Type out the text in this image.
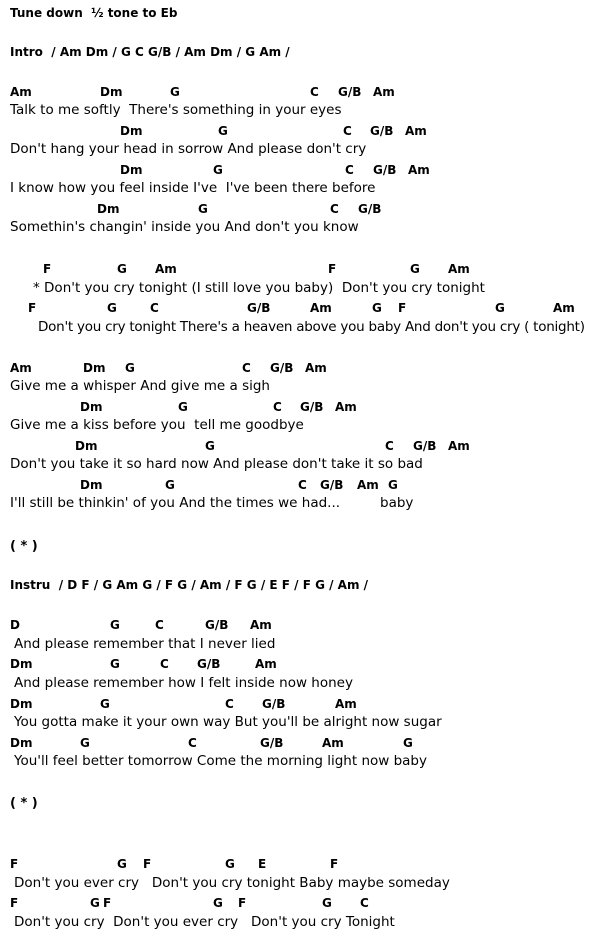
Tune down  ½ tone to Eb
Intro  / Am Dm / G C G/B / Am Dm / G Am /
Am	Dm	G	C G/B Am
Talk to me softly  There's something in your eyes
Dm	G	C G/B Am
Don't hang your head in sorrow And please don't cry
Dm	G	C G/B Am
I know how you feel inside I've  I've been there before
Dm	G	C G/B
Somethin's changin' inside you And don't you know
F	G Am	F	G Am
* Don't you cry tonight (I still love you baby)  Don't you cry tonight
F	G	C	G/B	Am	G F	G	Am
Don't you cry tonight There's a heaven above you baby And don't you cry ( tonight)
Am	Dm G	C G/B Am
Give me a whisper And give me a sigh
Dm	G	C G/B Am
Give me a kiss before you  tell me goodbye
Dm	G	C G/B Am
Don't you take it so hard now And please don't take it so bad
Dm	G	C G/B Am G
I'll still be thinkin' of you And the times we had...	baby
( * )
Instru  / D F / G Am G / F G / Am / F G / E F / F G / Am /
D	G	C	G/B Am
And please remember that I never lied
Dm	G	C G/B	Am
And please remember how I felt inside now honey
Dm	G	C G/B	Am
You gotta make it your own way But you'll be alright now sugar
Dm	G	C	G/B	Am	G
You'll feel better tomorrow Come the morning light now baby
( * )
F	G F	G E	F
Don't you ever cry   Don't you cry tonight Baby maybe someday
F	G F	G F	G C
Don't you cry  Don't you ever cry   Don't you cry Tonight
